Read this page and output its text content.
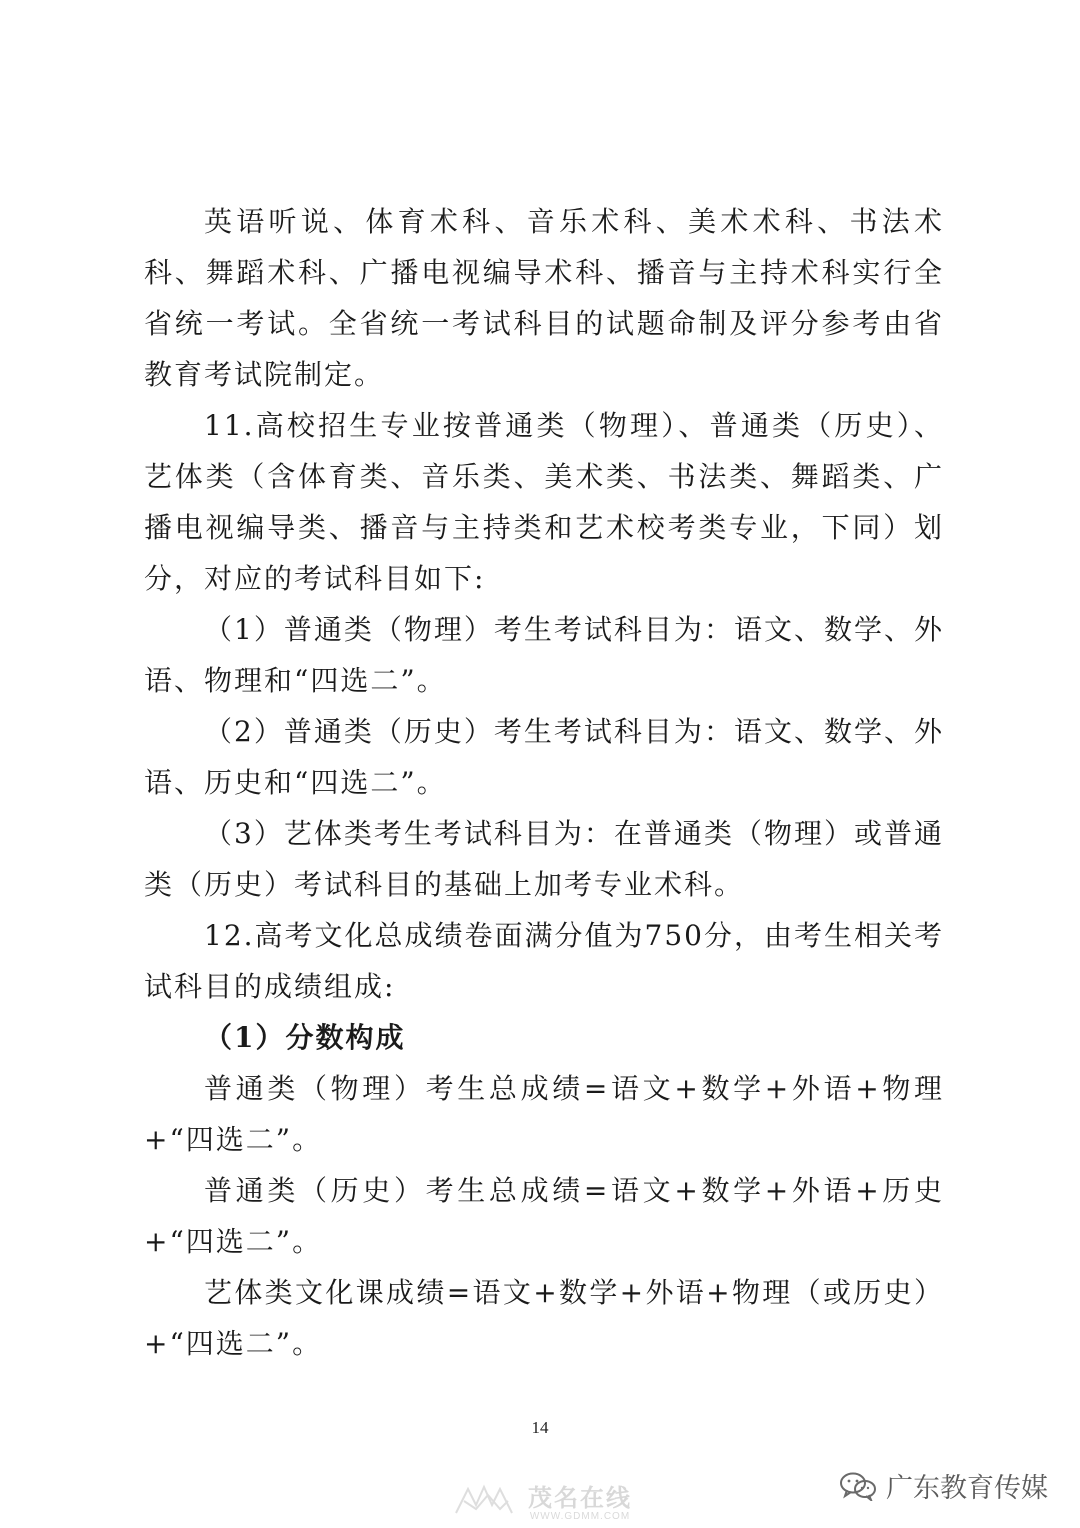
英语听说、体育术科、音乐术科、美术术科、书法术科、舞蹈术科、广播电视编导术科、播音与主持术科实行全省统一考试。全省统一考试科目的试题命制及评分参考由省教育考试院制定。

11.高校招生专业按普通类（物理）、普通类（历史）、艺体类（含体育类、音乐类、美术类、书法类、舞蹈类、广播电视编导类、播音与主持类和艺术校考类专业，下同）划分，对应的考试科目如下:

（1）普通类（物理）考生考试科目为：语文、数学、外语、物理和“四选二”。

（2）普通类（历史）考生考试科目为：语文、数学、外语、历史和“四选二”。

（3）艺体类考生考试科目为：在普通类（物理）或普通类（历史）考试科目的基础上加考专业术科。

12.高考文化总成绩卷面满分值为750分，由考生相关考试科目的成绩组成:

（1）分数构成

普通类（物理）考生总成绩=语文+数学+外语+物理+“四选二”。

普通类（历史）考生总成绩=语文+数学+外语+历史+“四选二”。

艺体类文化课成绩=语文+数学+外语+物理（或历史）+“四选二”。

14
茂名在线
WWW.GDMM.COM
广东教育传媒
